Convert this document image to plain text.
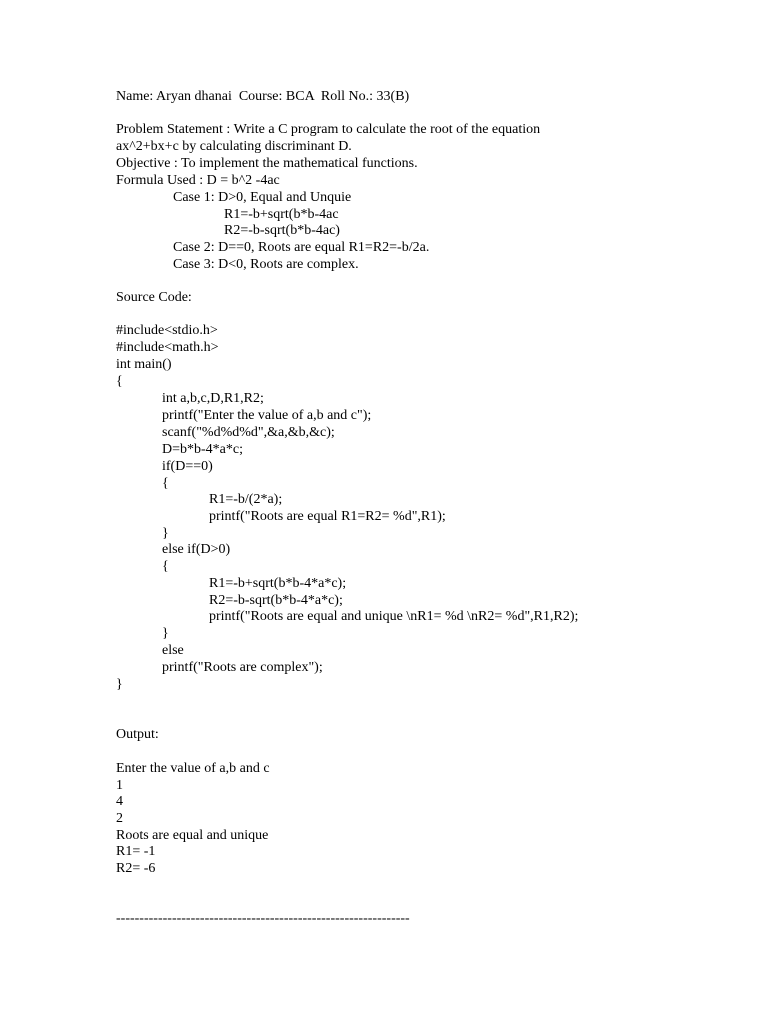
Name: Aryan dhanai  Course: BCA  Roll No.: 33(B)
Problem Statement : Write a C program to calculate the root of the equation
ax^2+bx+c by calculating discriminant D.
Objective : To implement the mathematical functions.
Formula Used : D = b^2 -4ac
Case 1: D>0, Equal and Unquie
R1=-b+sqrt(b*b-4ac
R2=-b-sqrt(b*b-4ac)
Case 2: D==0, Roots are equal R1=R2=-b/2a.
Case 3: D<0, Roots are complex.
Source Code:
#include<stdio.h>
#include<math.h>
int main()
{
int a,b,c,D,R1,R2;
printf("Enter the value of a,b and c");
scanf("%d%d%d",&a,&b,&c);
D=b*b-4*a*c;
if(D==0)
{
R1=-b/(2*a);
printf("Roots are equal R1=R2= %d",R1);
}
else if(D>0)
{
R1=-b+sqrt(b*b-4*a*c);
R2=-b-sqrt(b*b-4*a*c);
printf("Roots are equal and unique \nR1= %d \nR2= %d",R1,R2);
}
else
printf("Roots are complex");
}
Output:
Enter the value of a,b and c
1
4
2
Roots are equal and unique
R1= -1
R2= -6
---------------------------------------------------------------
